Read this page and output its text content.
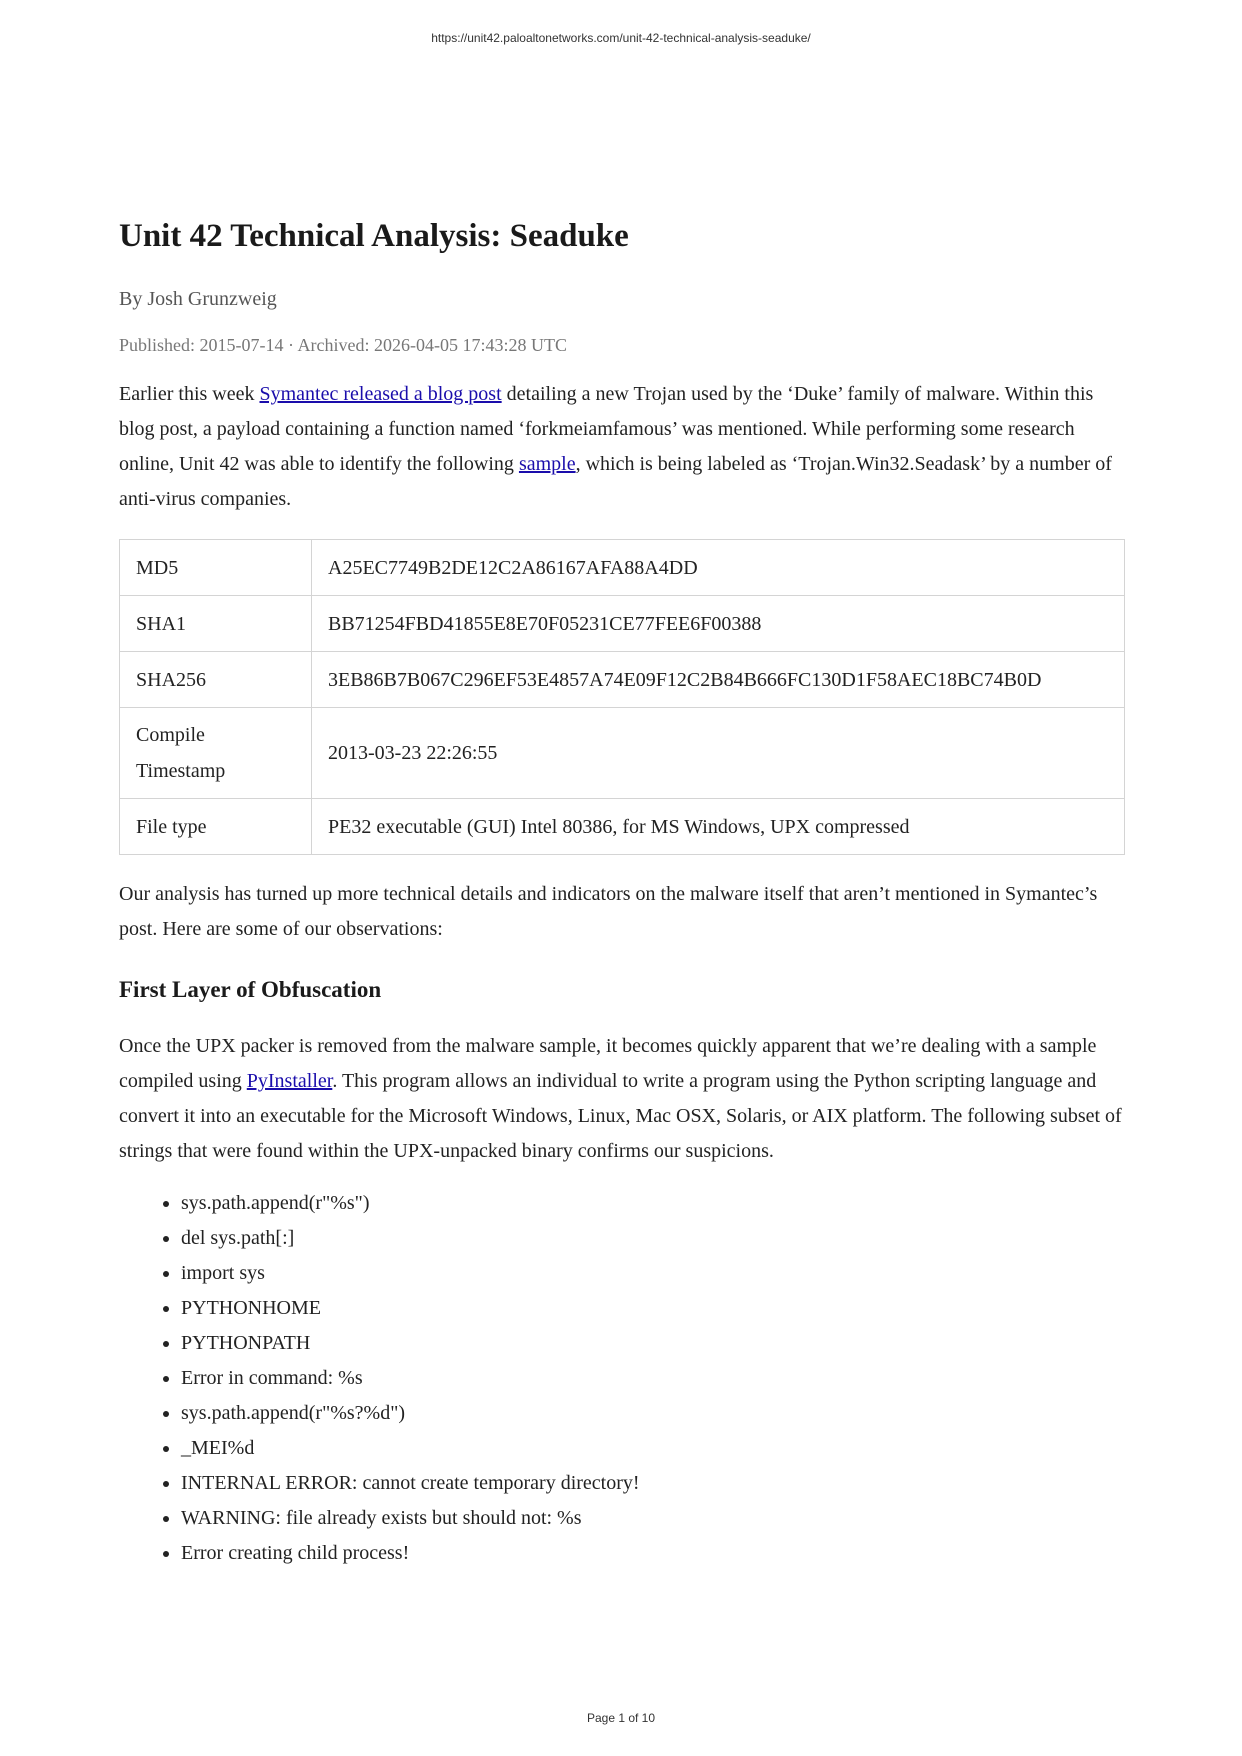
https://unit42.paloaltonetworks.com/unit-42-technical-analysis-seaduke/
Unit 42 Technical Analysis: Seaduke
By Josh Grunzweig
Published: 2015-07-14 · Archived: 2026-04-05 17:43:28 UTC

Earlier this week Symantec released a blog post detailing a new Trojan used by the ‘Duke’ family of malware. Within this blog post, a payload containing a function named ‘forkmeiamfamous’ was mentioned. While performing some research online, Unit 42 was able to identify the following sample, which is being labeled as ‘Trojan.Win32.Seadask’ by a number of anti-virus companies.

MD5	A25EC7749B2DE12C2A86167AFA88A4DD
SHA1	BB71254FBD41855E8E70F05231CE77FEE6F00388
SHA256	3EB86B7B067C296EF53E4857A74E09F12C2B84B666FC130D1F58AEC18BC74B0D
Compile Timestamp	2013-03-23 22:26:55
File type	PE32 executable (GUI) Intel 80386, for MS Windows, UPX compressed

Our analysis has turned up more technical details and indicators on the malware itself that aren’t mentioned in Symantec’s post. Here are some of our observations:

First Layer of Obfuscation

Once the UPX packer is removed from the malware sample, it becomes quickly apparent that we’re dealing with a sample compiled using PyInstaller. This program allows an individual to write a program using the Python scripting language and convert it into an executable for the Microsoft Windows, Linux, Mac OSX, Solaris, or AIX platform. The following subset of strings that were found within the UPX-unpacked binary confirms our suspicions.

• sys.path.append(r"%s")
• del sys.path[:]
• import sys
• PYTHONHOME
• PYTHONPATH
• Error in command: %s
• sys.path.append(r"%s?%d")
• _MEI%d
• INTERNAL ERROR: cannot create temporary directory!
• WARNING: file already exists but should not: %s
• Error creating child process!
Page 1 of 10
